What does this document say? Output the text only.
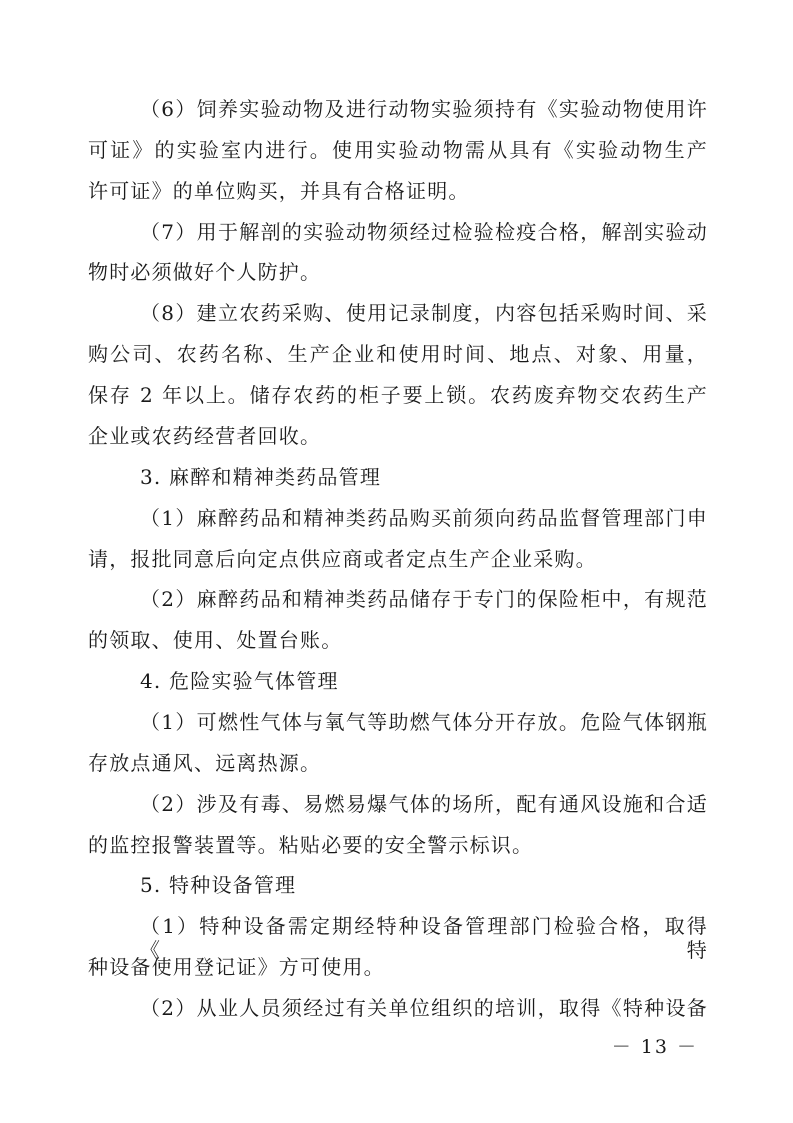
（6）饲养实验动物及进行动物实验须持有《实验动物使用许
可证》的实验室内进行。使用实验动物需从具有《实验动物生产
许可证》的单位购买，并具有合格证明。
（7）用于解剖的实验动物须经过检验检疫合格，解剖实验动
物时必须做好个人防护。
（8）建立农药采购、使用记录制度，内容包括采购时间、采
购公司、农药名称、生产企业和使用时间、地点、对象、用量，
保存 2 年以上。储存农药的柜子要上锁。农药废弃物交农药生产
企业或农药经营者回收。
3. 麻醉和精神类药品管理
（1）麻醉药品和精神类药品购买前须向药品监督管理部门申
请，报批同意后向定点供应商或者定点生产企业采购。
（2）麻醉药品和精神类药品储存于专门的保险柜中，有规范
的领取、使用、处置台账。
4. 危险实验气体管理
（1）可燃性气体与氧气等助燃气体分开存放。危险气体钢瓶
存放点通风、远离热源。
（2）涉及有毒、易燃易爆气体的场所，配有通风设施和合适
的监控报警装置等。粘贴必要的安全警示标识。
5. 特种设备管理
（1）特种设备需定期经特种设备管理部门检验合格，取得《特
种设备使用登记证》方可使用。
（2）从业人员须经过有关单位组织的培训，取得《特种设备
－ 13 －
